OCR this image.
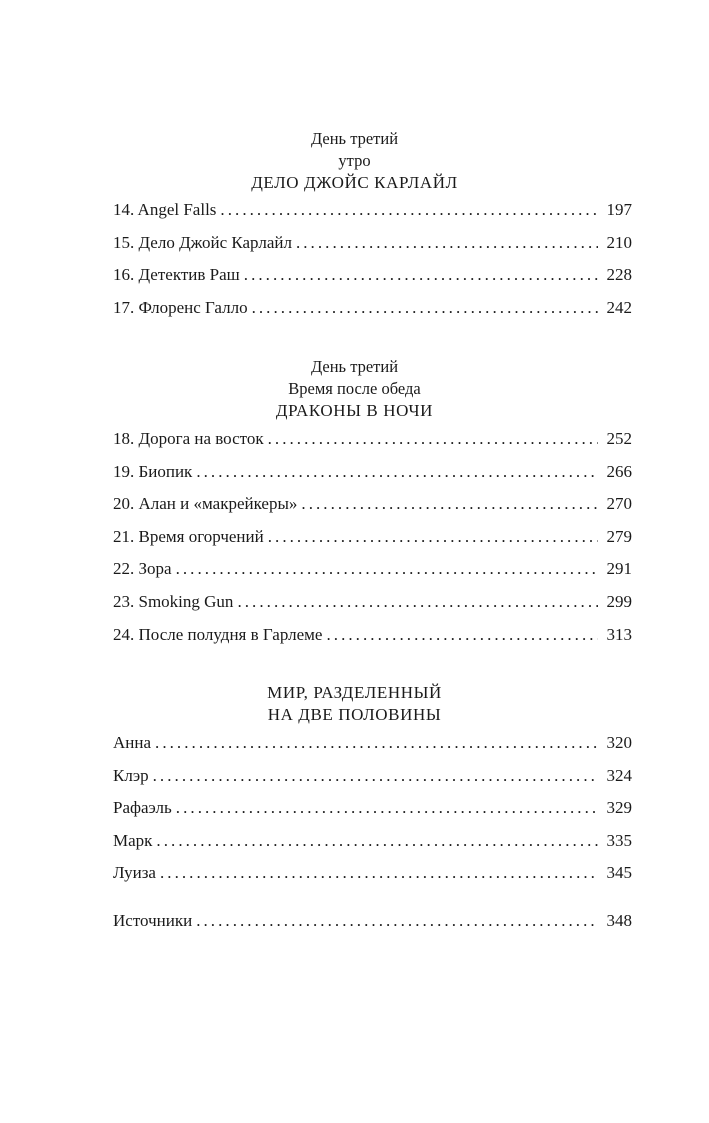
День третий
утро
ДЕЛО ДЖОЙС КАРЛАЙЛ
14. Angel Falls . . .	197
15. Дело Джойс Карлайл . . .	210
16. Детектив Раш . . .	228
17. Флоренс Галло . . .	242
День третий
Время после обеда
ДРАКОНЫ В НОЧИ
18. Дорога на восток . . .	252
19. Биопик . . .	266
20. Алан и «макрейкеры» . . .	270
21. Время огорчений . . .	279
22. Зора . . .	291
23. Smoking Gun . . .	299
24. После полудня в Гарлеме . . .	313
МИР, РАЗДЕЛЕННЫЙ
НА ДВЕ ПОЛОВИНЫ
Анна . . .	320
Клэр . . .	324
Рафаэль . . .	329
Марк . . .	335
Луиза . . .	345
Источники . . .	348
